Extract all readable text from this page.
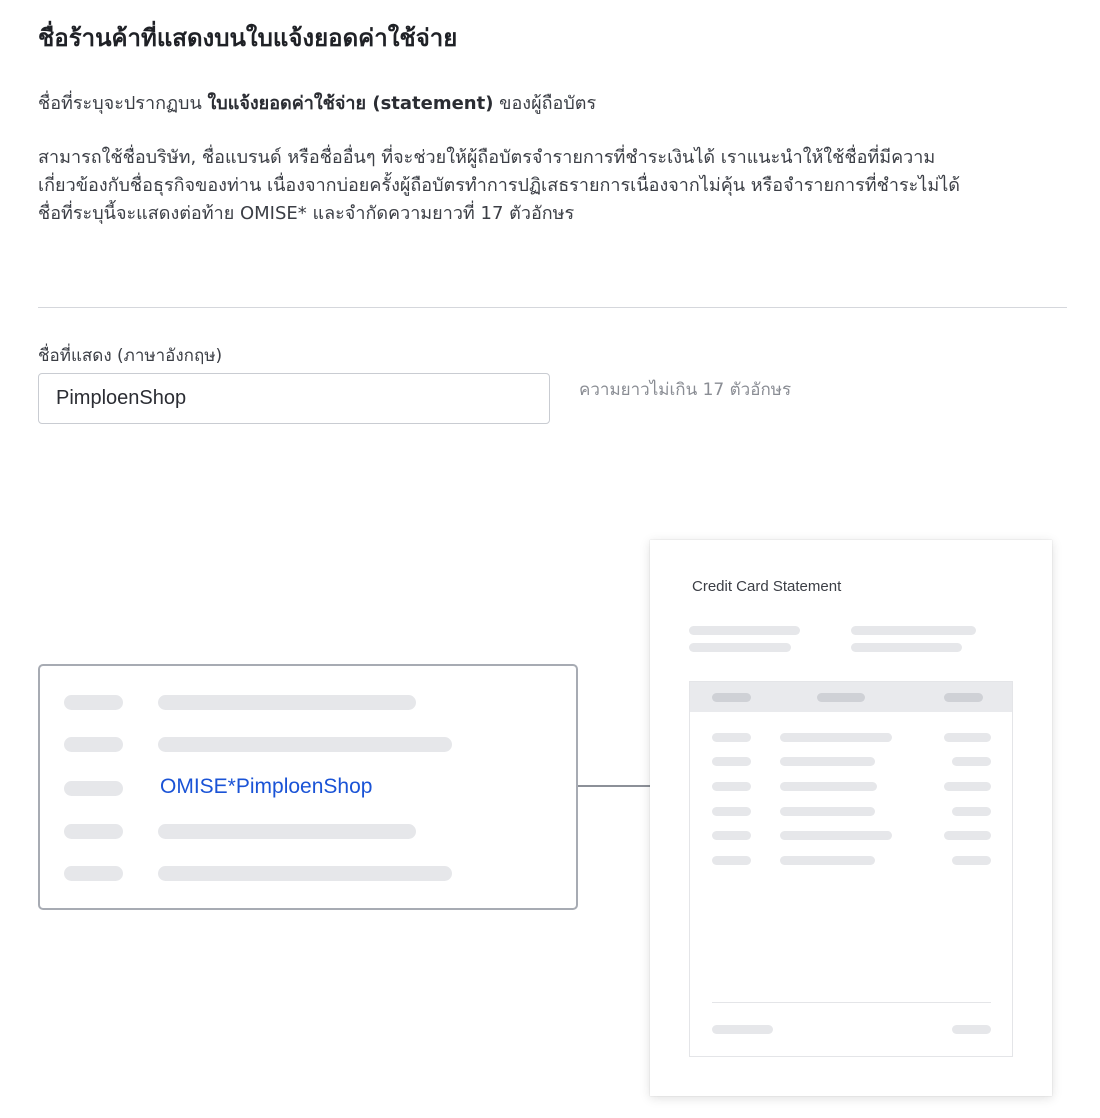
ชื่อร้านค้าที่แสดงบนใบแจ้งยอดค่าใช้จ่าย
ชื่อที่ระบุจะปรากฏบน ใบแจ้งยอดค่าใช้จ่าย (statement) ของผู้ถือบัตร
สามารถใช้ชื่อบริษัท, ชื่อแบรนด์ หรือชื่ออื่นๆ ที่จะช่วยให้ผู้ถือบัตรจำรายการที่ชำระเงินได้ เราแนะนำให้ใช้ชื่อที่มีความ
เกี่ยวข้องกับชื่อธุรกิจของท่าน เนื่องจากบ่อยครั้งผู้ถือบัตรทำการปฏิเสธรายการเนื่องจากไม่คุ้น หรือจำรายการที่ชำระไม่ได้
ชื่อที่ระบุนี้จะแสดงต่อท้าย OMISE* และจำกัดความยาวที่ 17 ตัวอักษร
ชื่อที่แสดง (ภาษาอังกฤษ)
PimploenShop
ความยาวไม่เกิน 17 ตัวอักษร
OMISE*PimploenShop
Credit Card Statement
